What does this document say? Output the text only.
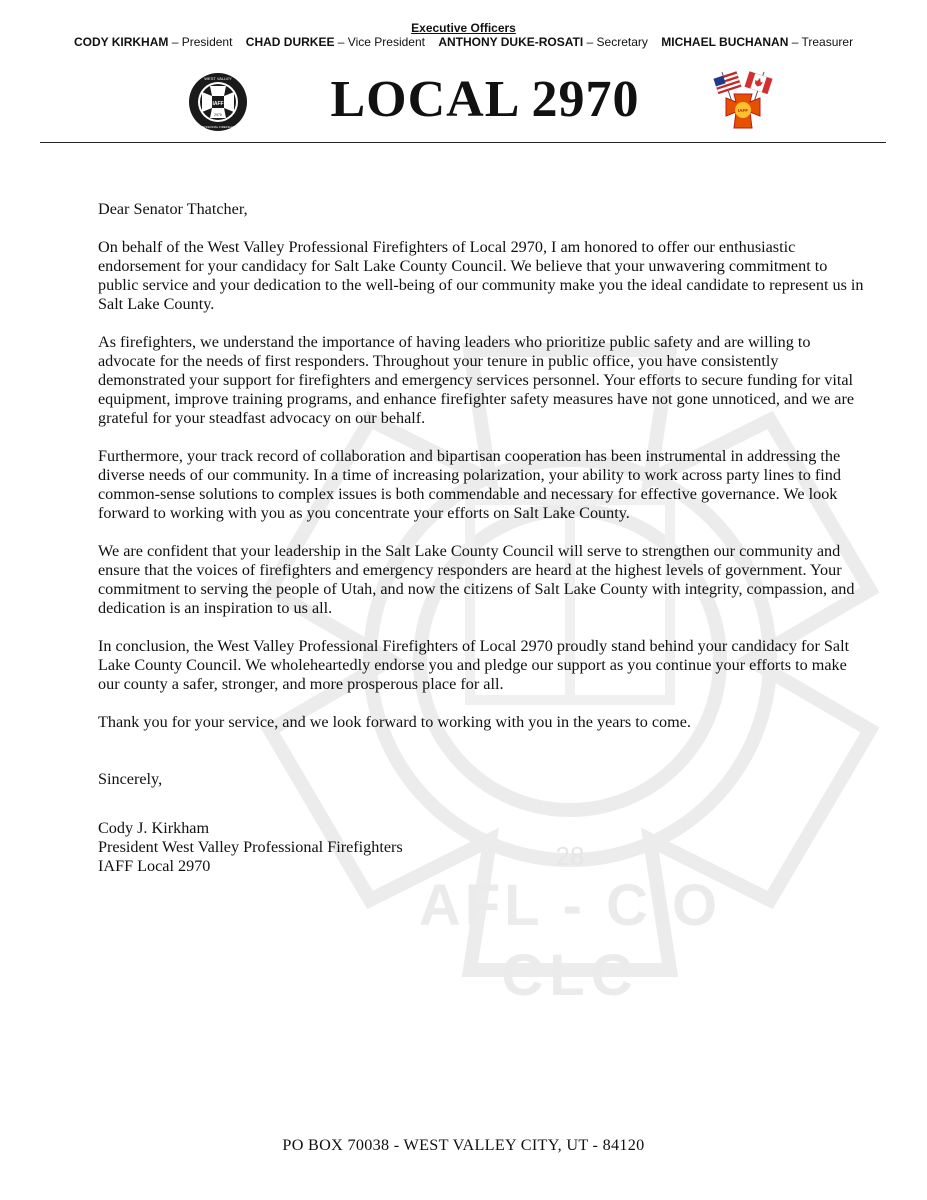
28
AFL - CIO
CLC
Executive Officers
CODY KIRKHAM – President CHAD DURKEE – Vice President ANTHONY DUKE-ROSATI – Secretary MICHAEL BUCHANAN – Treasurer
IAFF
2970
WEST VALLEY
PROFESSIONAL FIREFIGHTERS	LOCAL 2970	IAFF

Dear Senator Thatcher,

On behalf of the West Valley Professional Firefighters of Local 2970, I am honored to offer our enthusiastic endorsement for your candidacy for Salt Lake County Council. We believe that your unwavering commitment to public service and your dedication to the well-being of our community make you the ideal candidate to represent us in Salt Lake County.

As firefighters, we understand the importance of having leaders who prioritize public safety and are willing to advocate for the needs of first responders. Throughout your tenure in public office, you have consistently demonstrated your support for firefighters and emergency services personnel. Your efforts to secure funding for vital equipment, improve training programs, and enhance firefighter safety measures have not gone unnoticed, and we are grateful for your steadfast advocacy on our behalf.

Furthermore, your track record of collaboration and bipartisan cooperation has been instrumental in addressing the diverse needs of our community. In a time of increasing polarization, your ability to work across party lines to find common-sense solutions to complex issues is both commendable and necessary for effective governance. We look forward to working with you as you concentrate your efforts on Salt Lake County.

We are confident that your leadership in the Salt Lake County Council will serve to strengthen our community and ensure that the voices of firefighters and emergency responders are heard at the highest levels of government. Your commitment to serving the people of Utah, and now the citizens of Salt Lake County with integrity, compassion, and dedication is an inspiration to us all.

In conclusion, the West Valley Professional Firefighters of Local 2970 proudly stand behind your candidacy for Salt Lake County Council. We wholeheartedly endorse you and pledge our support as you continue your efforts to make our county a safer, stronger, and more prosperous place for all.

Thank you for your service, and we look forward to working with you in the years to come.

Sincerely,

Cody J. Kirkham
President West Valley Professional Firefighters
IAFF Local 2970
PO BOX 70038 - WEST VALLEY CITY, UT - 84120
